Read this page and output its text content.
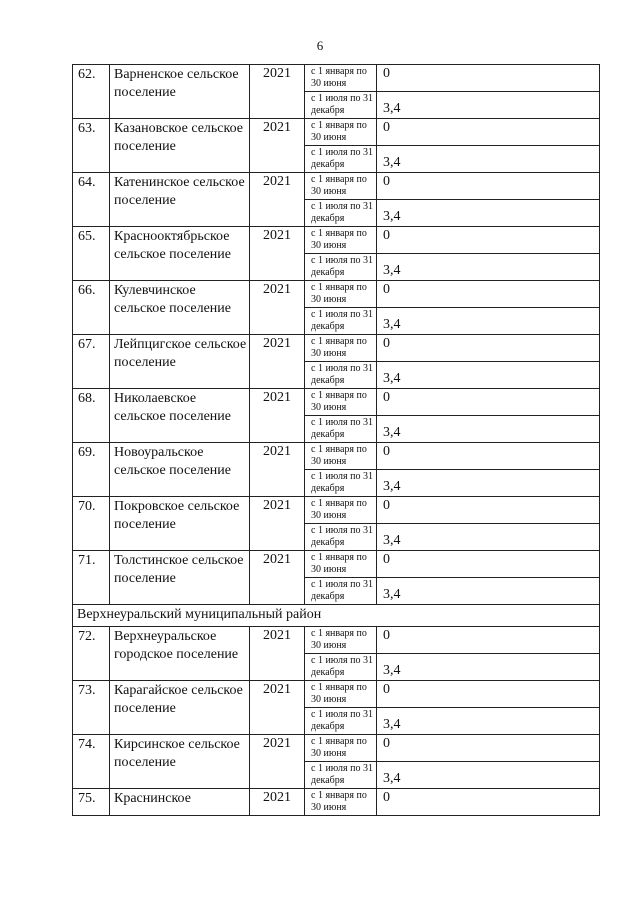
6
62.	Варненское сельское поселение	2021	с 1 января по 30 июня	0
			с 1 июля по 31 декабря	3,4
63.	Казановское сельское поселение	2021	с 1 января по 30 июня	0
			с 1 июля по 31 декабря	3,4
64.	Катенинское сельское поселение	2021	с 1 января по 30 июня	0
			с 1 июля по 31 декабря	3,4
65.	Краснооктябрьское сельское поселение	2021	с 1 января по 30 июня	0
			с 1 июля по 31 декабря	3,4
66.	Кулевчинское сельское поселение	2021	с 1 января по 30 июня	0
			с 1 июля по 31 декабря	3,4
67.	Лейпцигское сельское поселение	2021	с 1 января по 30 июня	0
			с 1 июля по 31 декабря	3,4
68.	Николаевское сельское поселение	2021	с 1 января по 30 июня	0
			с 1 июля по 31 декабря	3,4
69.	Новоуральское сельское поселение	2021	с 1 января по 30 июня	0
			с 1 июля по 31 декабря	3,4
70.	Покровское сельское поселение	2021	с 1 января по 30 июня	0
			с 1 июля по 31 декабря	3,4
71.	Толстинское сельское поселение	2021	с 1 января по 30 июня	0
			с 1 июля по 31 декабря	3,4
Верхнеуральский муниципальный район				
72.	Верхнеуральское городское поселение	2021	с 1 января по 30 июня	0
			с 1 июля по 31 декабря	3,4
73.	Карагайское сельское поселение	2021	с 1 января по 30 июня	0
			с 1 июля по 31 декабря	3,4
74.	Кирсинское сельское поселение	2021	с 1 января по 30 июня	0
			с 1 июля по 31 декабря	3,4
75.	Краснинское	2021	с 1 января по 30 июня	0
